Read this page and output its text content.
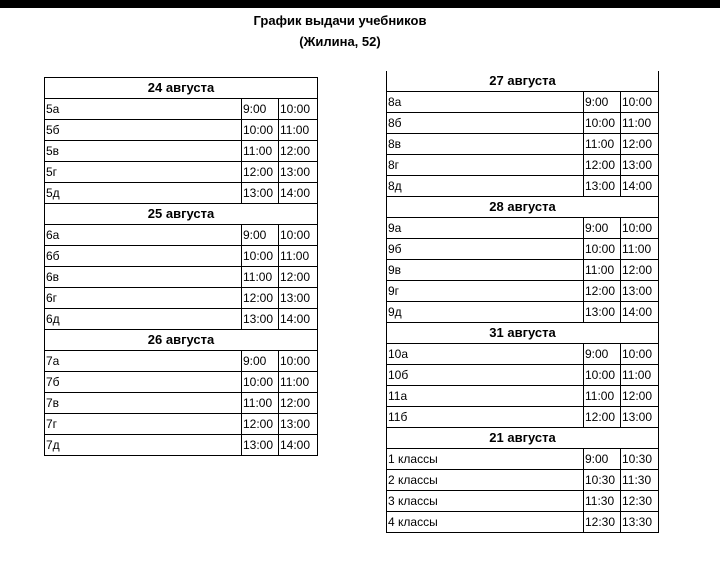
График выдачи учебников
(Жилина, 52)
24 августа		
5а	9:00	10:00
5б	10:00	11:00
5в	11:00	12:00
5г	12:00	13:00
5д	13:00	14:00
25 августа		
6а	9:00	10:00
6б	10:00	11:00
6в	11:00	12:00
6г	12:00	13:00
6д	13:00	14:00
26 августа		
7а	9:00	10:00
7б	10:00	11:00
7в	11:00	12:00
7г	12:00	13:00
7д	13:00	14:00
27 августа		
8а	9:00	10:00
8б	10:00	11:00
8в	11:00	12:00
8г	12:00	13:00
8д	13:00	14:00
28 августа		
9а	9:00	10:00
9б	10:00	11:00
9в	11:00	12:00
9г	12:00	13:00
9д	13:00	14:00
31 августа		
10а	9:00	10:00
10б	10:00	11:00
11а	11:00	12:00
11б	12:00	13:00
21 августа		
1 классы	9:00	10:30
2 классы	10:30	11:30
3 классы	11:30	12:30
4 классы	12:30	13:30
